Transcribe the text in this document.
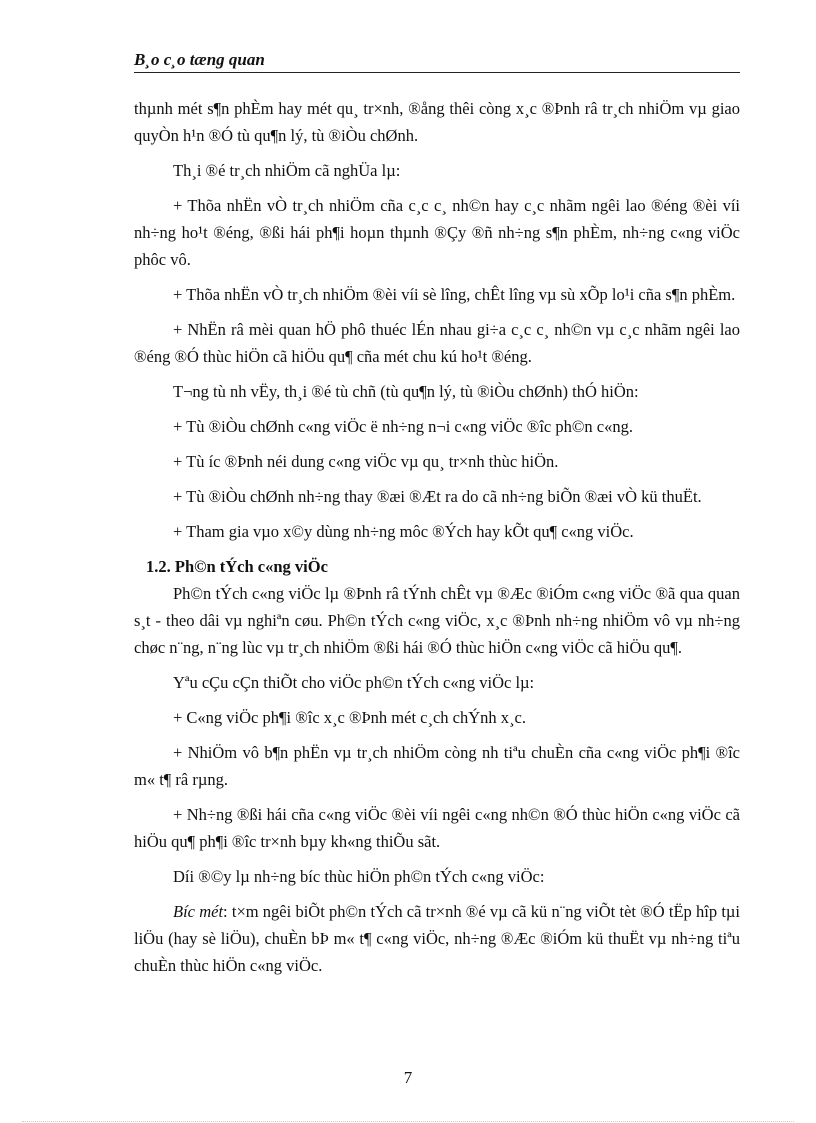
B¸o c¸o tæng quan

thµnh mét s¶n phÈm hay mét qu¸ tr×nh, ®ång thêi còng x¸c ®Þnh râ tr¸ch nhiÖm vµ giao quyÒn h¹n ®Ó tù qu¶n lý, tù ®iÒu chØnh.

Th¸i ®é tr¸ch nhiÖm cã nghÜa lµ:

+ Thõa nhËn vÒ tr¸ch nhiÖm cña c¸c c¸ nh©n hay c¸c nhãm ngêi lao ®éng ®èi víi nh÷ng ho¹t ®éng, ®ßi hái ph¶i hoµn thµnh ®Çy ®ñ nh÷ng s¶n phÈm, nh÷ng c«ng viÖc phôc vô.

+ Thõa nhËn vÒ tr¸ch nhiÖm ®èi víi sè lîng, chÊt lîng vµ sù xÕp lo¹i cña s¶n phÈm.

+ NhËn râ mèi quan hÖ phô thuéc lÉn nhau gi÷a c¸c c¸ nh©n vµ c¸c nhãm ngêi lao ®éng ®Ó thùc hiÖn cã hiÖu qu¶ cña mét chu kú ho¹t ®éng.

T¬ng tù nh vËy, th¸i ®é tù chñ (tù qu¶n lý, tù ®iÒu chØnh) thÓ hiÖn:

+ Tù ®iÒu chØnh c«ng viÖc ë nh÷ng n¬i c«ng viÖc ®îc ph©n c«ng.

+ Tù íc ®Þnh néi dung c«ng viÖc vµ qu¸ tr×nh thùc hiÖn.

+ Tù ®iÒu chØnh nh÷ng thay ®æi ®Æt ra do cã nh÷ng biÕn ®æi vÒ kü thuËt.

+ Tham gia vµo x©y dùng nh÷ng môc ®Ých hay kÕt qu¶ c«ng viÖc.

1.2. Ph©n tÝch c«ng viÖc

Ph©n tÝch c«ng viÖc lµ ®Þnh râ tÝnh chÊt vµ ®Æc ®iÓm c«ng viÖc ®ã qua quan s¸t - theo dâi vµ nghiªn cøu. Ph©n tÝch c«ng viÖc, x¸c ®Þnh nh÷ng nhiÖm vô vµ nh÷ng chøc n¨ng, n¨ng lùc vµ tr¸ch nhiÖm ®ßi hái ®Ó thùc hiÖn c«ng viÖc cã hiÖu qu¶.

Yªu cÇu cÇn thiÕt cho viÖc ph©n tÝch c«ng viÖc lµ:

+ C«ng viÖc ph¶i ®îc x¸c ®Þnh mét c¸ch chÝnh x¸c.

+ NhiÖm vô b¶n phËn vµ tr¸ch nhiÖm còng nh tiªu chuÈn cña c«ng viÖc ph¶i ®îc m« t¶ râ rµng.

+ Nh÷ng ®ßi hái cña c«ng viÖc ®èi víi ngêi c«ng nh©n ®Ó thùc hiÖn c«ng viÖc cã hiÖu qu¶ ph¶i ®îc tr×nh bµy kh«ng thiÕu sãt.

Díi ®©y lµ nh÷ng bíc thùc hiÖn ph©n tÝch c«ng viÖc:

Bíc mét: t×m ngêi biÕt ph©n tÝch cã tr×nh ®é vµ cã kü n¨ng viÕt tèt ®Ó tËp hîp tµi liÖu (hay sè liÖu), chuÈn bÞ m« t¶ c«ng viÖc, nh÷ng ®Æc ®iÓm kü thuËt vµ nh÷ng tiªu chuÈn thùc hiÖn c«ng viÖc.

7
